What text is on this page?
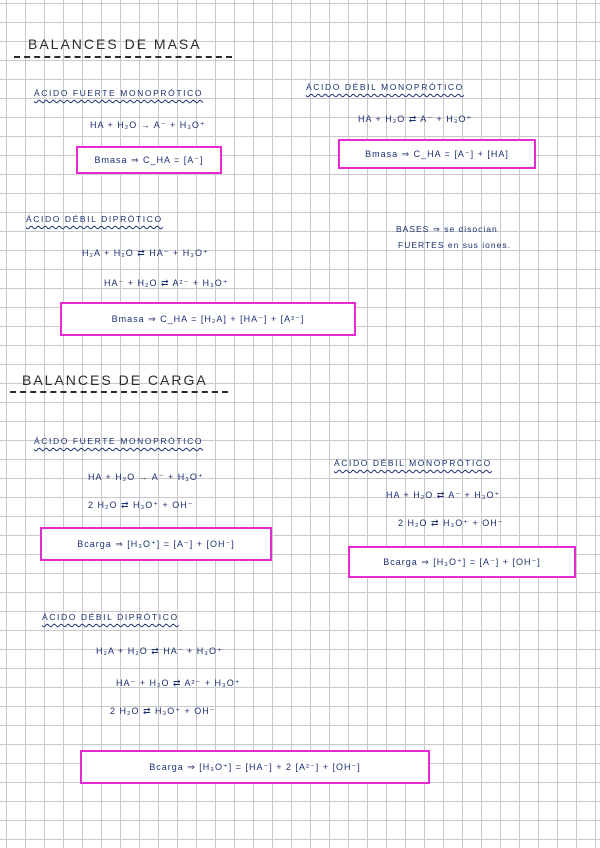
BALANCES DE MASA
ÁCIDO FUERTE MONOPRÓTICO
HA + H₂O → A⁻ + H₃O⁺
Bmasa ⇒ C_HA = [A⁻]
ÁCIDO DÉBIL MONOPRÓTICO
HA + H₂O ⇄ A⁻ + H₃O⁺
Bmasa ⇒ C_HA = [A⁻] + [HA]
ÁCIDO DÉBIL DIPRÓTICO
H₂A + H₂O ⇄ HA⁻ + H₃O⁺
HA⁻ + H₂O ⇄ A²⁻ + H₃O⁺
Bmasa ⇒ C_HA = [H₂A] + [HA⁻] + [A²⁻]
BASES ⇒ se disocian
FUERTES en sus iones.
BALANCES DE CARGA
ÁCIDO FUERTE MONOPRÓTICO
HA + H₂O → A⁻ + H₃O⁺
2 H₂O ⇄ H₃O⁺ + OH⁻
Bcarga ⇒ [H₃O⁺] = [A⁻] + [OH⁻]
ÁCIDO DÉBIL MONOPRÓTICO
HA + H₂O ⇄ A⁻ + H₃O⁺
2 H₂O ⇄ H₃O⁺ + OH⁻
Bcarga ⇒ [H₃O⁺] = [A⁻] + [OH⁻]
ÁCIDO DÉBIL DIPRÓTICO
H₂A + H₂O ⇄ HA⁻ + H₃O⁺
HA⁻ + H₂O ⇄ A²⁻ + H₃O⁺
2 H₂O ⇄ H₃O⁺ + OH⁻
Bcarga ⇒ [H₃O⁺] = [HA⁻] + 2 [A²⁻] + [OH⁻]
